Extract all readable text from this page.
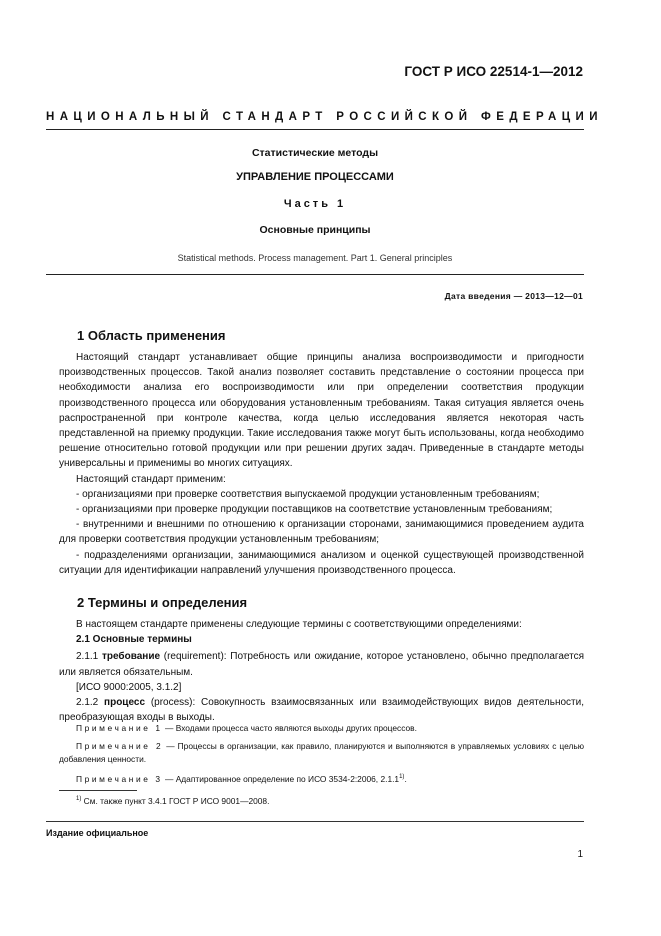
ГОСТ Р ИСО 22514-1—2012
НАЦИОНАЛЬНЫЙ СТАНДАРТ РОССИЙСКОЙ ФЕДЕРАЦИИ
Статистические методы
УПРАВЛЕНИЕ ПРОЦЕССАМИ
Часть 1
Основные принципы
Statistical methods. Process management. Part 1. General principles
Дата введения — 2013—12—01
1 Область применения

Настоящий стандарт устанавливает общие принципы анализа воспроизводимости и пригодности производственных процессов. Такой анализ позволяет составить представление о состоянии процесса при необходимости анализа его воспроизводимости или при определении соответствия продукции производственного процесса или оборудования установленным требованиям. Такая ситуация является очень распространенной при контроле качества, когда целью исследования является некоторая часть представленной на приемку продукции. Такие исследования также могут быть использованы, когда необходимо решение относительно готовой продукции или при решении других задач. Приведенные в стандарте методы универсальны и применимы во многих ситуациях.

Настоящий стандарт применим:

- организациями при проверке соответствия выпускаемой продукции установленным требованиям;

- организациями при проверке продукции поставщиков на соответствие установленным требованиям;

- внутренними и внешними по отношению к организации сторонами, занимающимися проведением аудита для проверки соответствия продукции установленным требованиям;

- подразделениями организации, занимающимися анализом и оценкой существующей производственной ситуации для идентификации направлений улучшения производственного процесса.

2 Термины и определения

В настоящем стандарте применены следующие термины с соответствующими определениями:

2.1 Основные термины

2.1.1 требование (requirement): Потребность или ожидание, которое установлено, обычно предполагается или является обязательным.

[ИСО 9000:2005, 3.1.2]

2.1.2 процесс (process): Совокупность взаимосвязанных или взаимодействующих видов деятельности, преобразующая входы в выходы.

Примечание 1 — Входами процесса часто являются выходы других процессов.

Примечание 2 — Процессы в организации, как правило, планируются и выполняются в управляемых условиях с целью добавления ценности.

Примечание 3 — Адаптированное определение по ИСО 3534-2:2006, 2.1.1$^{1)}$.

$^{1)}$ См. также пункт 3.4.1 ГОСТ Р ИСО 9001—2008.
Издание официальное
1
